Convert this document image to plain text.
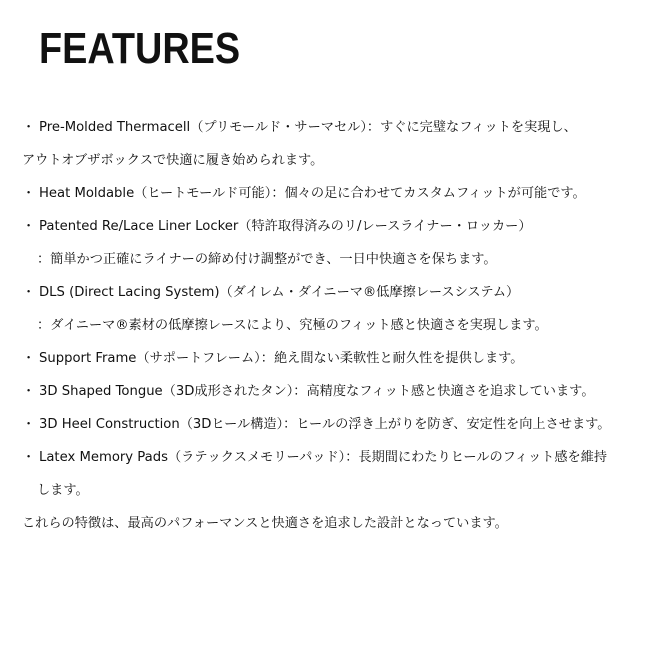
FEATURES
・ Pre-Molded Thermacell（プリモールド・サーマセル）：すぐに完璧なフィットを実現し、
アウトオブザボックスで快適に履き始められます。
・ Heat Moldable（ヒートモールド可能）：個々の足に合わせてカスタムフィットが可能です。
・ Patented Re/Lace Liner Locker（特許取得済みのリ/レースライナー・ロッカー）
：簡単かつ正確にライナーの締め付け調整ができ、一日中快適さを保ちます。
・ DLS (Direct Lacing System)（ダイレム・ダイニーマ®低摩擦レースシステム）
：ダイニーマ®素材の低摩擦レースにより、究極のフィット感と快適さを実現します。
・ Support Frame（サポートフレーム）：絶え間ない柔軟性と耐久性を提供します。
・ 3D Shaped Tongue（3D成形されたタン）：高精度なフィット感と快適さを追求しています。
・ 3D Heel Construction（3Dヒール構造）：ヒールの浮き上がりを防ぎ、安定性を向上させます。
・ Latex Memory Pads（ラテックスメモリーパッド）：長期間にわたりヒールのフィット感を維持
します。
これらの特徴は、最高のパフォーマンスと快適さを追求した設計となっています。
